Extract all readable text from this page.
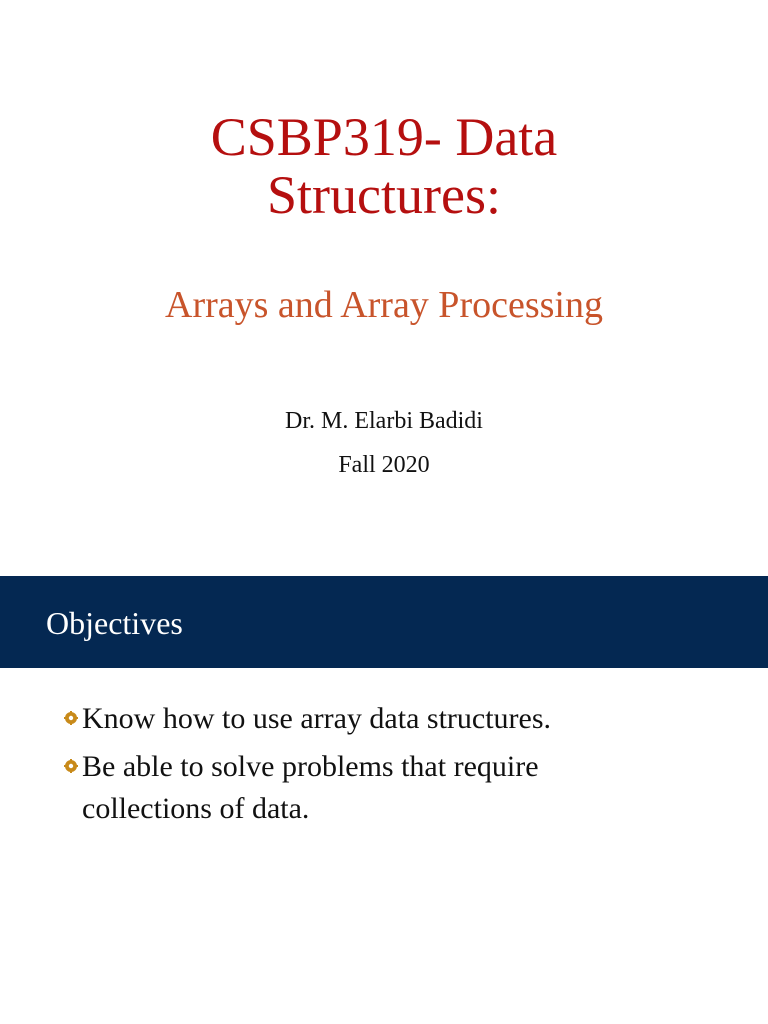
CSBP319- Data
Structures:
Arrays and Array Processing
Dr. M. Elarbi Badidi
Fall 2020
Objectives
Know how to use array data structures.
Be able to solve problems that require
collections of data.
